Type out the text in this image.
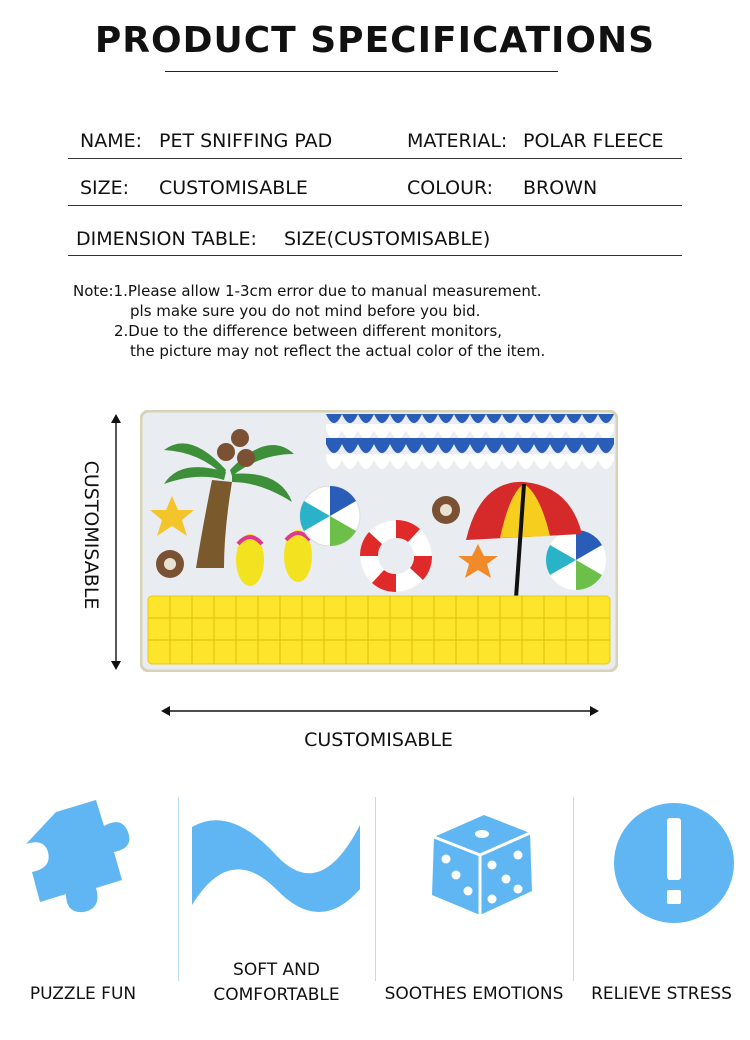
PRODUCT SPECIFICATIONS
NAME: PET SNIFFING PAD	MATERIAL: POLAR FLEECE
SIZE: CUSTOMISABLE	COLOUR: BROWN
DIMENSION TABLE: SIZE(CUSTOMISABLE)
Note:1.Please allow 1-3cm error due to manual measurement.
pls make sure you do not mind before you bid.
2.Due to the difference between different monitors,
the picture may not reflect the actual color of the item.
CUSTOMISABLE
CUSTOMISABLE
PUZZLE FUN
SOFT AND
COMFORTABLE	SOOTHES EMOTIONS	RELIEVE STRESS
